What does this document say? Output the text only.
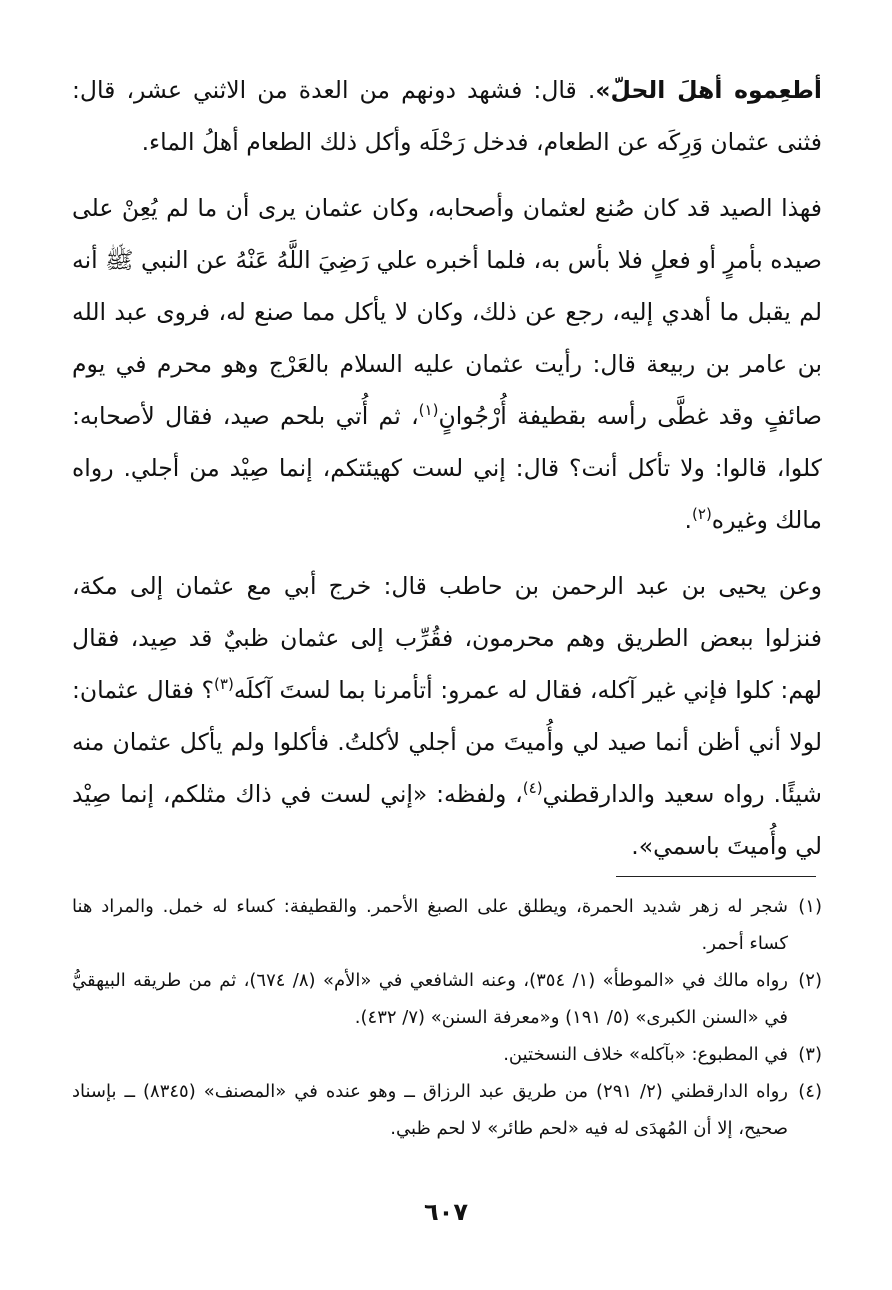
أطعِموه أهلَ الحلّ». قال: فشهد دونهم من العدة من الاثني عشر، قال: فثنى عثمان وَرِكَه عن الطعام، فدخل رَحْلَه وأكل ذلك الطعام أهلُ الماء.

فهذا الصيد قد كان صُنع لعثمان وأصحابه، وكان عثمان يرى أن ما لم يُعِنْ على صيده بأمرٍ أو فعلٍ فلا بأس به، فلما أخبره علي رَضِيَ اللَّهُ عَنْهُ عن النبي ﷺ أنه لم يقبل ما أهدي إليه، رجع عن ذلك، وكان لا يأكل مما صنع له، فروى عبد الله بن عامر بن ربيعة قال: رأيت عثمان عليه السلام بالعَرْج وهو محرم في يوم صائفٍ وقد غطَّى رأسه بقطيفة أُرْجُوانٍ$^{(١)}$، ثم أُتي بلحم صيد، فقال لأصحابه: كلوا، قالوا: ولا تأكل أنت؟ قال: إني لست كهيئتكم، إنما صِيْد من أجلي. رواه مالك وغيره$^{(٢)}$.

وعن يحيى بن عبد الرحمن بن حاطب قال: خرج أبي مع عثمان إلى مكة، فنزلوا ببعض الطريق وهم محرمون، فقُرِّب إلى عثمان ظبيٌ قد صِيد، فقال لهم: كلوا فإني غير آكله، فقال له عمرو: أتأمرنا بما لستَ آكلَه$^{(٣)}$؟ فقال عثمان: لولا أني أظن أنما صيد لي وأُميتَ من أجلي لأكلتُ. فأكلوا ولم يأكل عثمان منه شيئًا. رواه سعيد والدارقطني$^{(٤)}$، ولفظه: «إني لست في ذاك مثلكم، إنما صِيْد لي وأُميتَ باسمي».

(١)
شجر له زهر شديد الحمرة، ويطلق على الصبغ الأحمر. والقطيفة: كساء له خمل. والمراد هنا كساء أحمر.
(٢)
رواه مالك في «الموطأ» (١/ ٣٥٤)، وعنه الشافعي في «الأم» (٨/ ٦٧٤)، ثم من طريقه البيهقيُّ في «السنن الكبرى» (٥/ ١٩١) و«معرفة السنن» (٧/ ٤٣٢).
(٣)
في المطبوع: «بآكله» خلاف النسختين.
(٤)
رواه الدارقطني (٢/ ٢٩١) من طريق عبد الرزاق ــ وهو عنده في «المصنف» (٨٣٤٥) ــ بإسناد صحيح، إلا أن المُهدَى له فيه «لحم طائر» لا لحم ظبي.
٦٠٧
